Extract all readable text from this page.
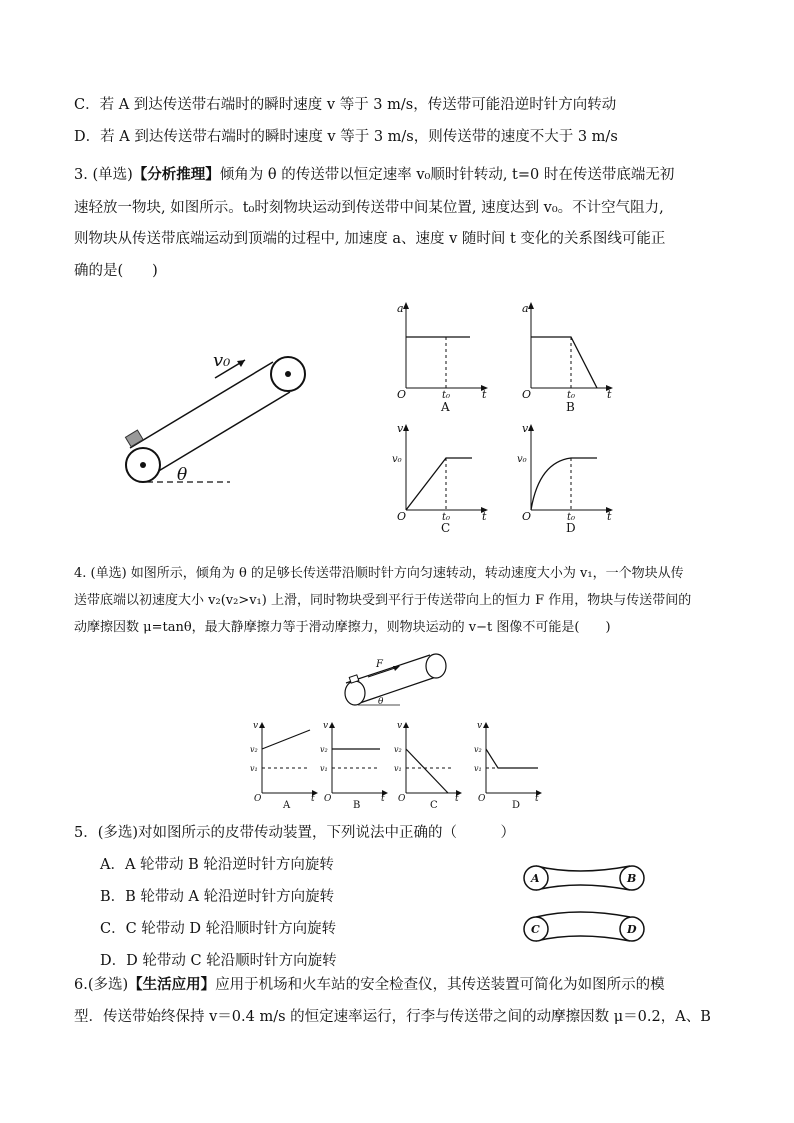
C．若 A 到达传送带右端时的瞬时速度 v 等于 3 m/s，传送带可能沿逆时针方向转动
D．若 A 到达传送带右端时的瞬时速度 v 等于 3 m/s，则传送带的速度不大于 3 m/s
3. (单选)【分析推理】倾角为 θ 的传送带以恒定速率 v₀顺时针转动, t=0 时在传送带底端无初
速轻放一物块, 如图所示。t₀时刻物块运动到传送带中间某位置, 速度达到 v₀。不计空气阻力,
则物块从传送带底端运动到顶端的过程中, 加速度 a、速度 v 随时间 t 变化的关系图线可能正
确的是(　　)
v₀
θ
a
O	t
t₀
A
a
O	t
t₀
B
v
v₀
O	t
t₀
C
v
v₀
O	t
t₀
D
4. (单选) 如图所示，倾角为 θ 的足够长传送带沿顺时针方向匀速转动，转动速度大小为 v₁，一个物块从传
送带底端以初速度大小 v₂(v₂>v₁) 上滑，同时物块受到平行于传送带向上的恒力 F 作用，物块与传送带间的
动摩擦因数 μ=tanθ，最大静摩擦力等于滑动摩擦力，则物块运动的 v−t 图像不可能是(　　)
F
θ
v
v₂
v₁
O	t
A
v
v₂
v₁
O	t
B
v
v₂
v₁
O	t
C
v
v₂
v₁
O	t
D
5．(多选)对如图所示的皮带传动装置，下列说法中正确的（　　　）
A．A 轮带动 B 轮沿逆时针方向旋转
B．B 轮带动 A 轮沿逆时针方向旋转
C．C 轮带动 D 轮沿顺时针方向旋转
D．D 轮带动 C 轮沿顺时针方向旋转
A	B
C	D
6.(多选)【生活应用】应用于机场和火车站的安全检查仪，其传送装置可简化为如图所示的模
型．传送带始终保持 v＝0.4 m/s 的恒定速率运行，行李与传送带之间的动摩擦因数 μ＝0.2，A、B
